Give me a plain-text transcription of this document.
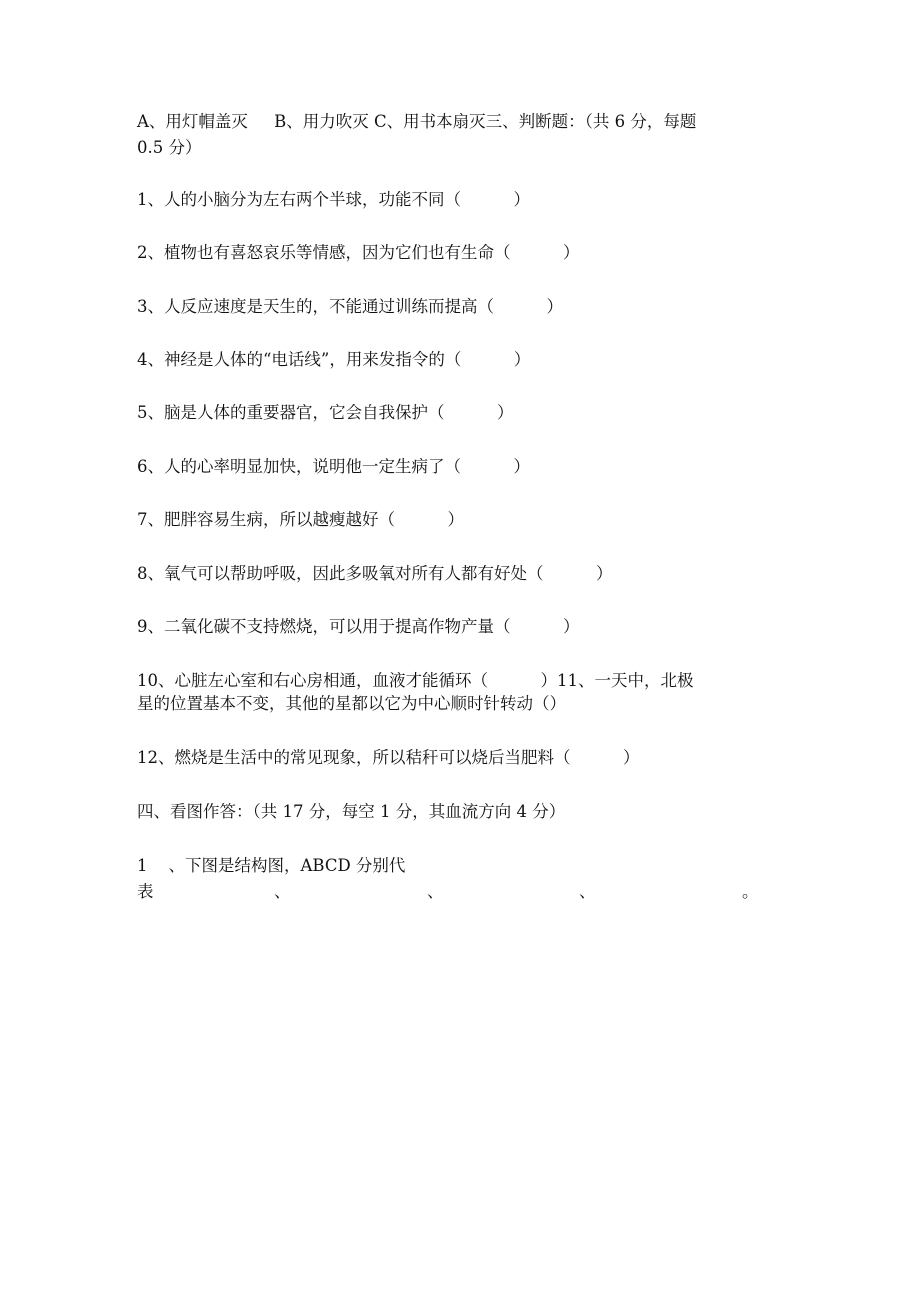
A、用灯帽盖灭     B、用力吹灭 C、用书本扇灭三、判断题：（共 6 分，每题
0.5 分）
1、人的小脑分为左右两个半球，功能不同（          ）
2、植物也有喜怒哀乐等情感，因为它们也有生命（          ）
3、人反应速度是天生的，不能通过训练而提高（          ）
4、神经是人体的“电话线”，用来发指令的（          ）
5、脑是人体的重要器官，它会自我保护（          ）
6、人的心率明显加快，说明他一定生病了（          ）
7、肥胖容易生病，所以越瘦越好（          ）
8、氧气可以帮助呼吸，因此多吸氧对所有人都有好处（          ）
9、二氧化碳不支持燃烧，可以用于提高作物产量（          ）
10、心脏左心室和右心房相通，血液才能循环（          ）11、一天中，北极
星的位置基本不变，其他的星都以它为中心顺时针转动（）
12、燃烧是生活中的常见现象，所以秸秆可以烧后当肥料（          ）
四、看图作答：（共 17 分，每空 1 分，其血流方向 4 分）
1    、下图是结构图，ABCD 分别代
表	、	、	、	。
